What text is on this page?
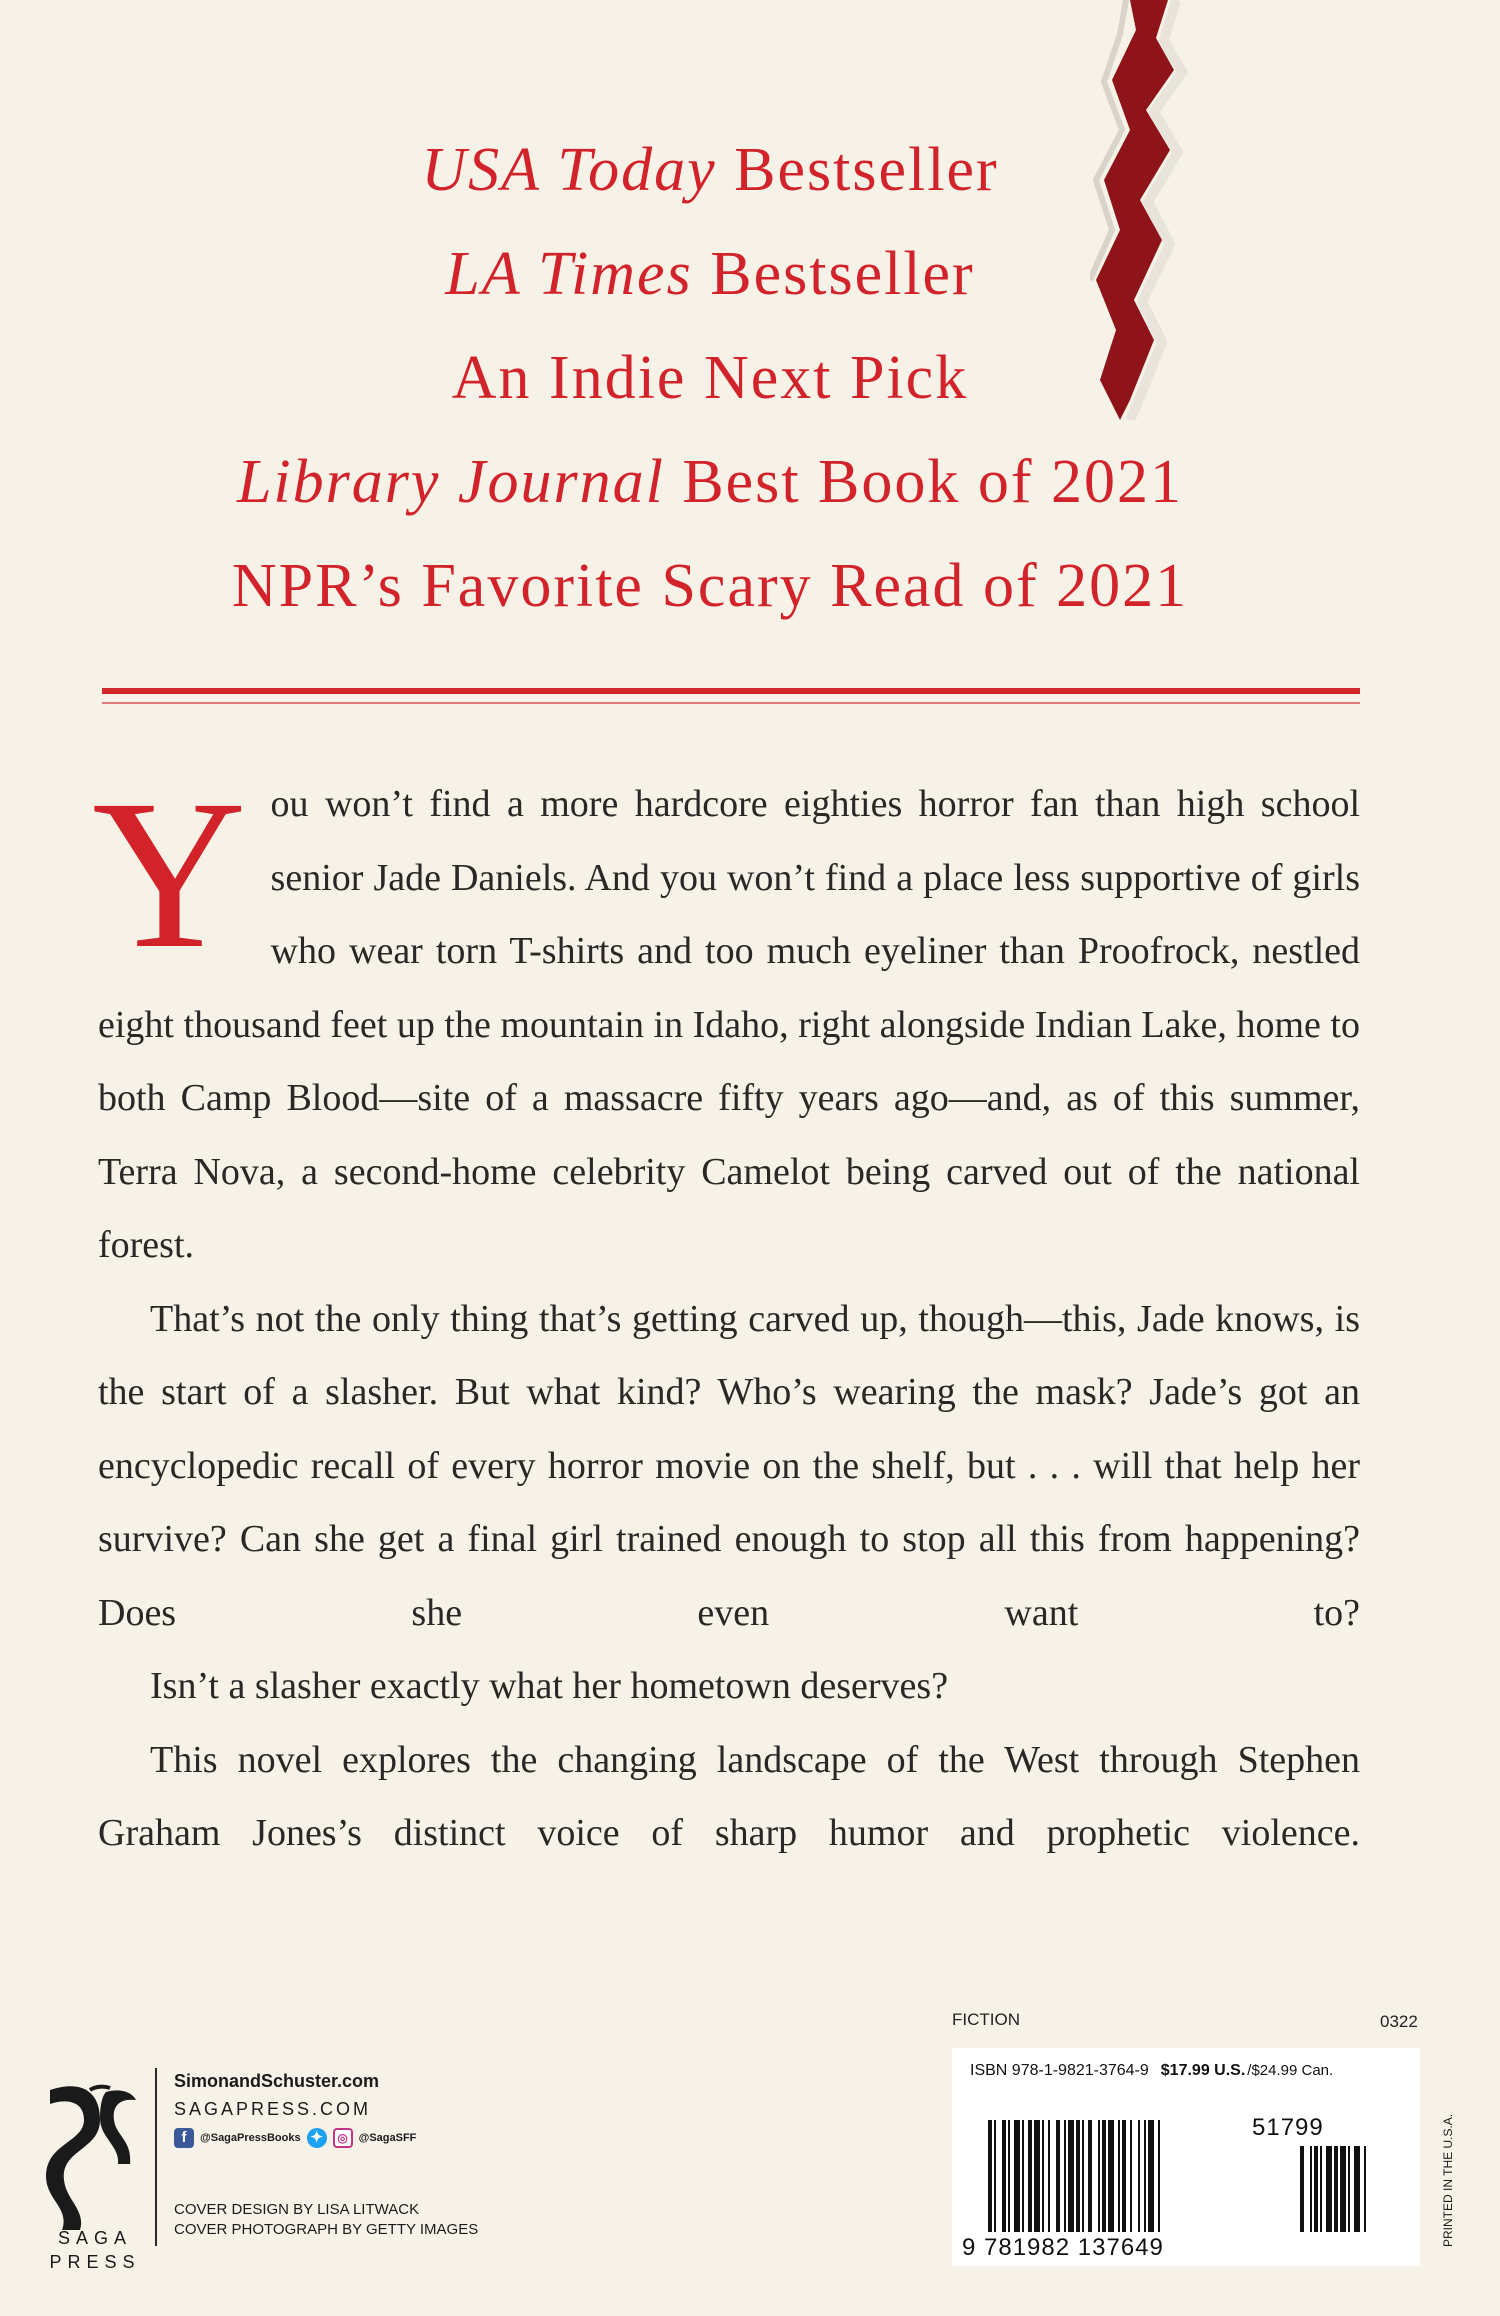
USA Today Bestseller
LA Times Bestseller
An Indie Next Pick
Library Journal Best Book of 2021
NPR’s Favorite Scary Read of 2021

You won’t find a more hardcore eighties horror fan than high school senior Jade Daniels. And you won’t find a place less supportive of girls who wear torn T-shirts and too much eyeliner than Proofrock, nestled eight thousand feet up the mountain in Idaho, right alongside Indian Lake, home to both Camp Blood—site of a massacre fifty years ago—and, as of this summer, Terra Nova, a second-home celebrity Camelot being carved out of the national forest.

That’s not the only thing that’s getting carved up, though—this, Jade knows, is the start of a slasher. But what kind? Who’s wearing the mask? Jade’s got an encyclopedic recall of every horror movie on the shelf, but . . . will that help her survive? Can she get a final girl trained enough to stop all this from happening? Does she even want to?

Isn’t a slasher exactly what her hometown deserves?

This novel explores the changing landscape of the West through Stephen Graham Jones’s distinct voice of sharp humor and prophetic violence.

SAGA PRESS
SimonandSchuster.com
SAGAPRESS.COM
f	@SagaPressBooks ✦	◎ @SagaSFF
COVER DESIGN BY LISA LITWACK
COVER PHOTOGRAPH BY GETTY IMAGES
FICTION	0322
ISBN 978-1-9821-3764-9 $17.99 U.S. /$24.99 Can.
51799
9 781982 137649
PRINTED IN THE U.S.A.
